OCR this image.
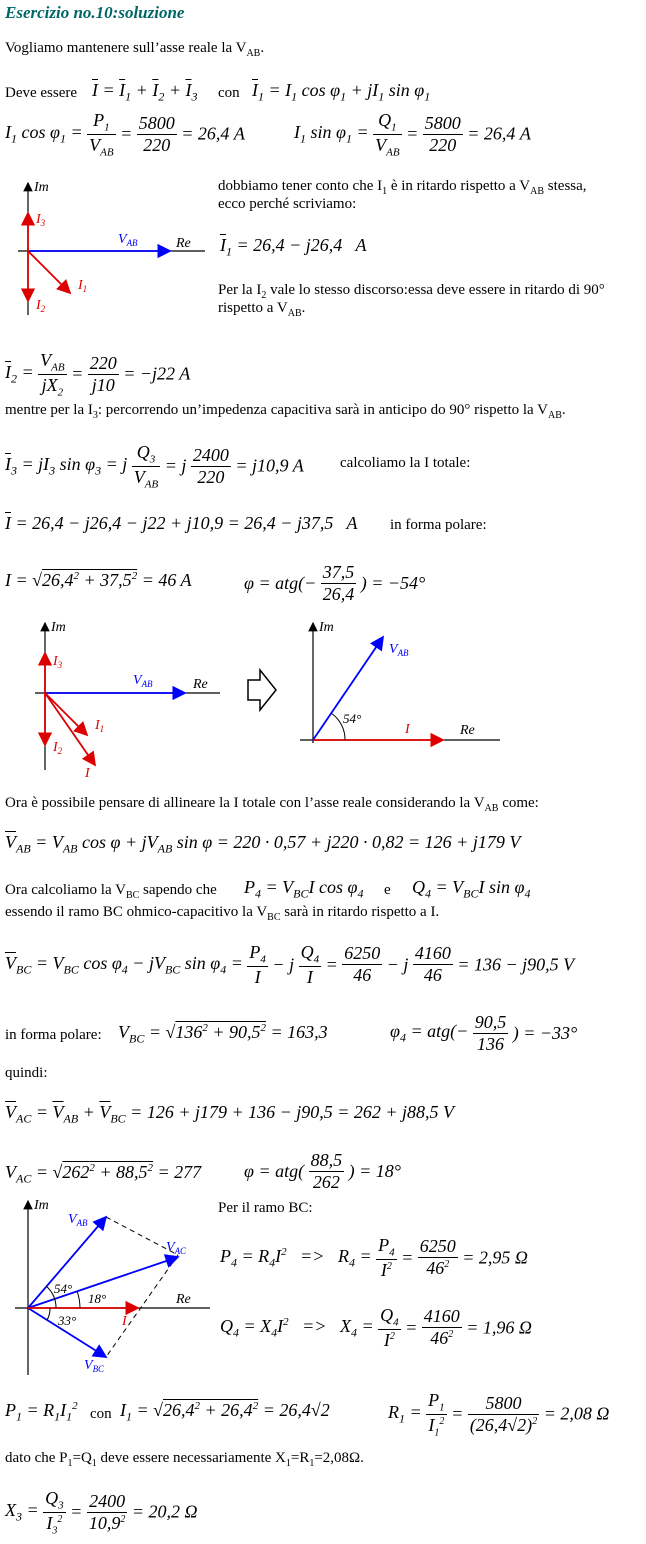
Esercizio no.10:soluzione
Vogliamo mantenere sull’asse reale la $V_{AB}$.
Deve essere $\overline{I} = \overline{I}_1 + \overline{I}_2 + \overline{I}_3$ con $\overline{I}_1 = I_1$ $\cos \varphi_1 + jI_1$ $\sin \varphi_1$
$I_1$ $\cos \varphi_1 = \frac{P_1}{V_{AB}} = \frac{5800}{220} = 26,4$ A	$I_1$ $\sin \varphi_1 = \frac{Q_1}{V_{AB}} = \frac{5800}{220} = 26,4$ A
Im
Re
$V_{AB}$
$I_3$
$I_2$
$I_1$
dobbiamo tener conto che $I_1$ è in ritardo rispetto a $V_{AB}$ stessa,
ecco perché scriviamo:
$\overline{I}_1 = 26,4 - j26,4$   A
Per la $I_2$ vale lo stesso discorso:essa deve essere in ritardo di 90°
rispetto a $V_{AB}$.
$\overline{I}_2 = \frac{V_{AB}}{jX_2} = \frac{220}{j10} = -j22$ A
mentre per la $I_3$: percorrendo un’impedenza capacitiva sarà in anticipo do 90° rispetto la $V_{AB}$.
$\overline{I}_3 = jI_3$ $\sin \varphi_3 = j \frac{Q_3}{V_{AB}} = j \frac{2400}{220} = j10,9$ A calcoliamo la I totale:
$\overline{I} = 26,4 - j26,4 - j22 + j10,9 = 26,4 - j37,5$   A in forma polare:
$I = √26,4^2 + 37,5^2 = 46$ A	$\varphi = atg(- \frac{37,5}{26,4}$ ) = −54°
Im
Re
$V_{AB}$
$I_3$
$I_2$
$I_1$
I
Im
Re
$V_{AB}$
I
54°
Ora è possibile pensare di allineare la I totale con l’asse reale considerando la $V_{AB}$ come:
$\overline{V}_{AB} = V_{AB}$ $\cos \varphi + jV_{AB}$ sin φ = 220 · 0,57 + j220 · 0,82 = 126 + j179 V
Ora calcoliamo la $V_{BC}$ sapendo che $P_4 = V_{BC}I$ $\cos \varphi_4$ e $Q_4 = V_{BC}I$ $\sin \varphi_4$
essendo il ramo BC ohmico-capacitivo la $V_{BC}$ sarà in ritardo rispetto a I.
$\overline{V}_{BC} = V_{BC}$ $\cos \varphi_4 - jV_{BC}$ $\sin \varphi_4 = \frac{P_4}{I} - j \frac{Q_4}{I} = \frac{6250}{46} - j \frac{4160}{46} = 136 - j90,5$ V
in forma polare: $V_{BC} = √136^2 + 90,5^2 = 163,3$	$\varphi_4 = atg(- \frac{90,5}{136}$ ) = −33°
quindi:
$\overline{V}_{AC} = \overline{V}_{AB} + \overline{V}_{BC} = 126 + j179 + 136 - j90,5 = 262 + j88,5$ V
$V_{AC} = √262^2 + 88,5^2 = 277$ $\varphi = atg( \frac{88,5}{262}$ ) = 18°
Im
Re
$V_{AB}$
$V_{AC}$
$V_{BC}$
I
54°
18°
33°
Per il ramo BC:
$P_4 = R_4I^2 => R_4 = \frac{P_4}{I^2} = \frac{6250}{46^2} = 2,95$ Ω
$Q_4 = X_4I^2 => X_4 = \frac{Q_4}{I^2} = \frac{4160}{46^2} = 1,96$ Ω
$P_1 = R_1I_1^2$ con $I_1 = √26,4^2 + 26,4^2 = 26,4√2$	$R_1 = \frac{P_1}{I_1^2} = \frac{5800}{(26,4√2)^2} = 2,08$ Ω
dato che $P_1=Q_1$ deve essere necessariamente $X_1=R_1=2,08\Omega$.
$X_3 = \frac{Q_3}{I_3^2} = \frac{2400}{10,9^2} = 20,2$ Ω
